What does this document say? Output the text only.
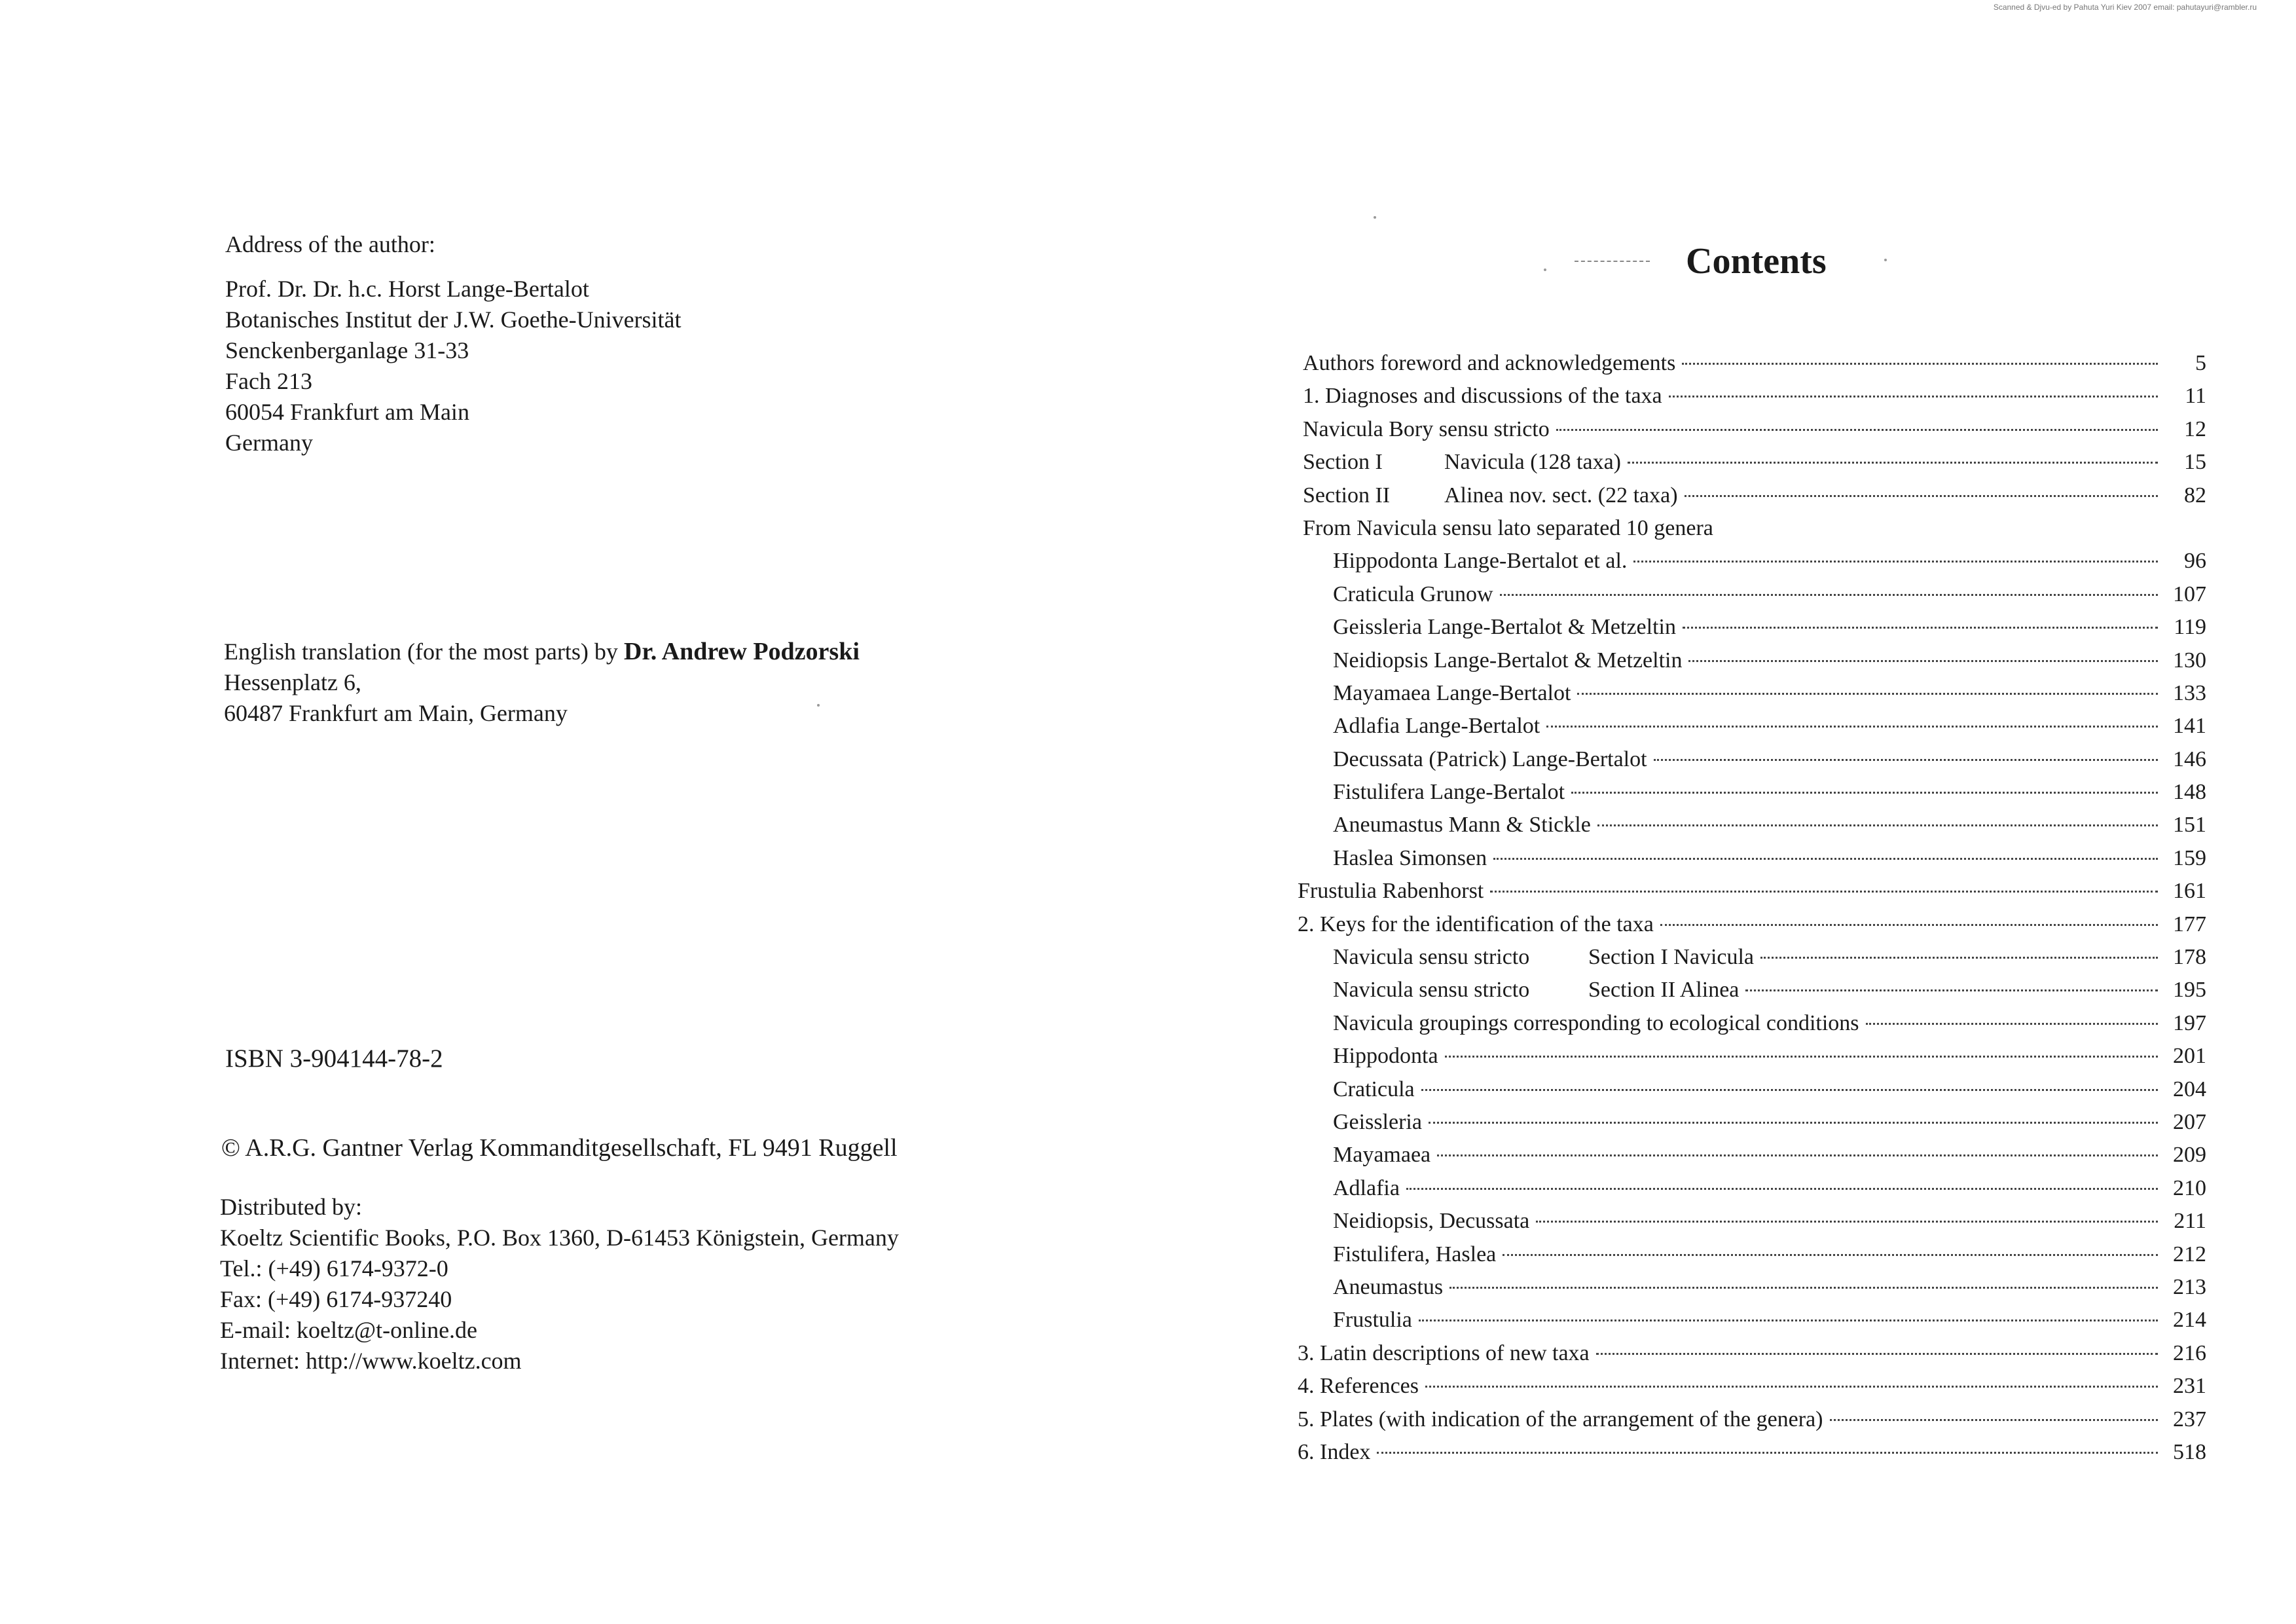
Scanned & Djvu-ed by Pahuta Yuri Kiev 2007 email: pahutayuri@rambler.ru
Address of the author:
Prof. Dr. Dr. h.c. Horst Lange-Bertalot
Botanisches Institut der J.W. Goethe-Universität
Senckenberganlage 31-33
Fach 213
60054 Frankfurt am Main
Germany
English translation (for the most parts) by Dr. Andrew Podzorski
Hessenplatz 6,
60487 Frankfurt am Main, Germany
ISBN 3-904144-78-2
© A.R.G. Gantner Verlag Kommanditgesellschaft, FL 9491 Ruggell
Distributed by:
Koeltz Scientific Books, P.O. Box 1360, D-61453 Königstein, Germany
Tel.: (+49) 6174-9372-0
Fax: (+49) 6174-937240
E-mail: koeltz@t-online.de
Internet: http://www.koeltz.com
Contents
Authors foreword and acknowledgements	5
1. Diagnoses and discussions of the taxa	11
Navicula Bory sensu stricto	12
Section I	Navicula (128 taxa)	15
Section II Alinea nov. sect. (22 taxa)	82
From Navicula sensu lato separated 10 genera
Hippodonta Lange-Bertalot et al.	96
Craticula Grunow	107
Geissleria Lange-Bertalot & Metzeltin	119
Neidiopsis Lange-Bertalot & Metzeltin	130
Mayamaea Lange-Bertalot	133
Adlafia Lange-Bertalot	141
Decussata (Patrick) Lange-Bertalot	146
Fistulifera Lange-Bertalot	148
Aneumastus Mann & Stickle	151
Haslea Simonsen	159
Frustulia Rabenhorst	161
2. Keys for the identification of the taxa	177
Navicula sensu stricto	Section I Navicula	178
Navicula sensu stricto	Section II Alinea	195
Navicula groupings corresponding to ecological conditions	197
Hippodonta	201
Craticula	204
Geissleria	207
Mayamaea	209
Adlafia	210
Neidiopsis, Decussata	211
Fistulifera, Haslea	212
Aneumastus	213
Frustulia	214
3. Latin descriptions of new taxa	216
4. References	231
5. Plates (with indication of the arrangement of the genera)	237
6. Index	518
